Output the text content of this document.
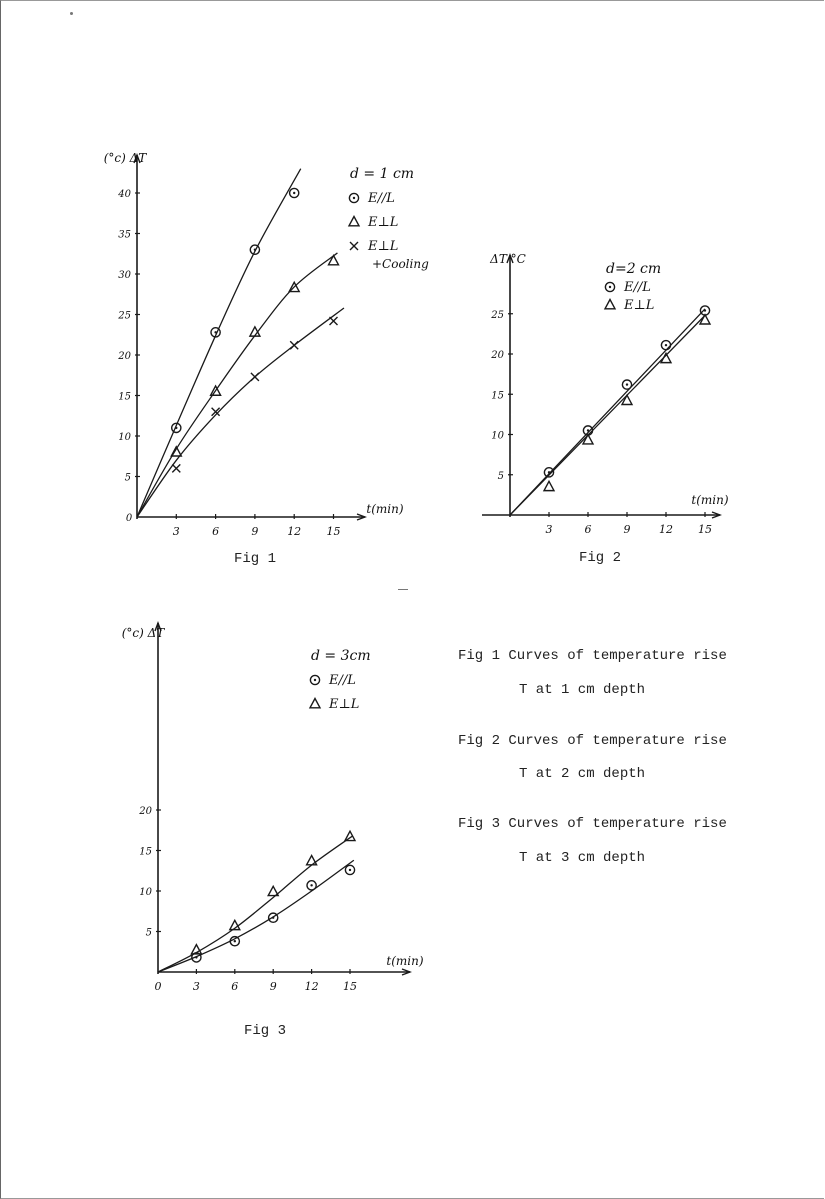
0
5
10
15
20
25
30
35
40
3	6	9	12 15
(°c) ΔT
t(min)
d = 1 cm
E//L
E⊥L
E⊥L
+Cooling
Fig 1
5
10
15
20
25
3	6	9	12 15
ΔT °C
t(min)
d=2 cm
E//L
E⊥L
Fig 2
5
10
15
20
0	3	6	9	12 15
(°c) ΔT
t(min)
d = 3cm
E//L
E⊥L
Fig 3
Fig 1 Curves of temperature rise
T at 1 cm depth
Fig 2 Curves of temperature rise
T at 2 cm depth
Fig 3 Curves of temperature rise
T at 3 cm depth
